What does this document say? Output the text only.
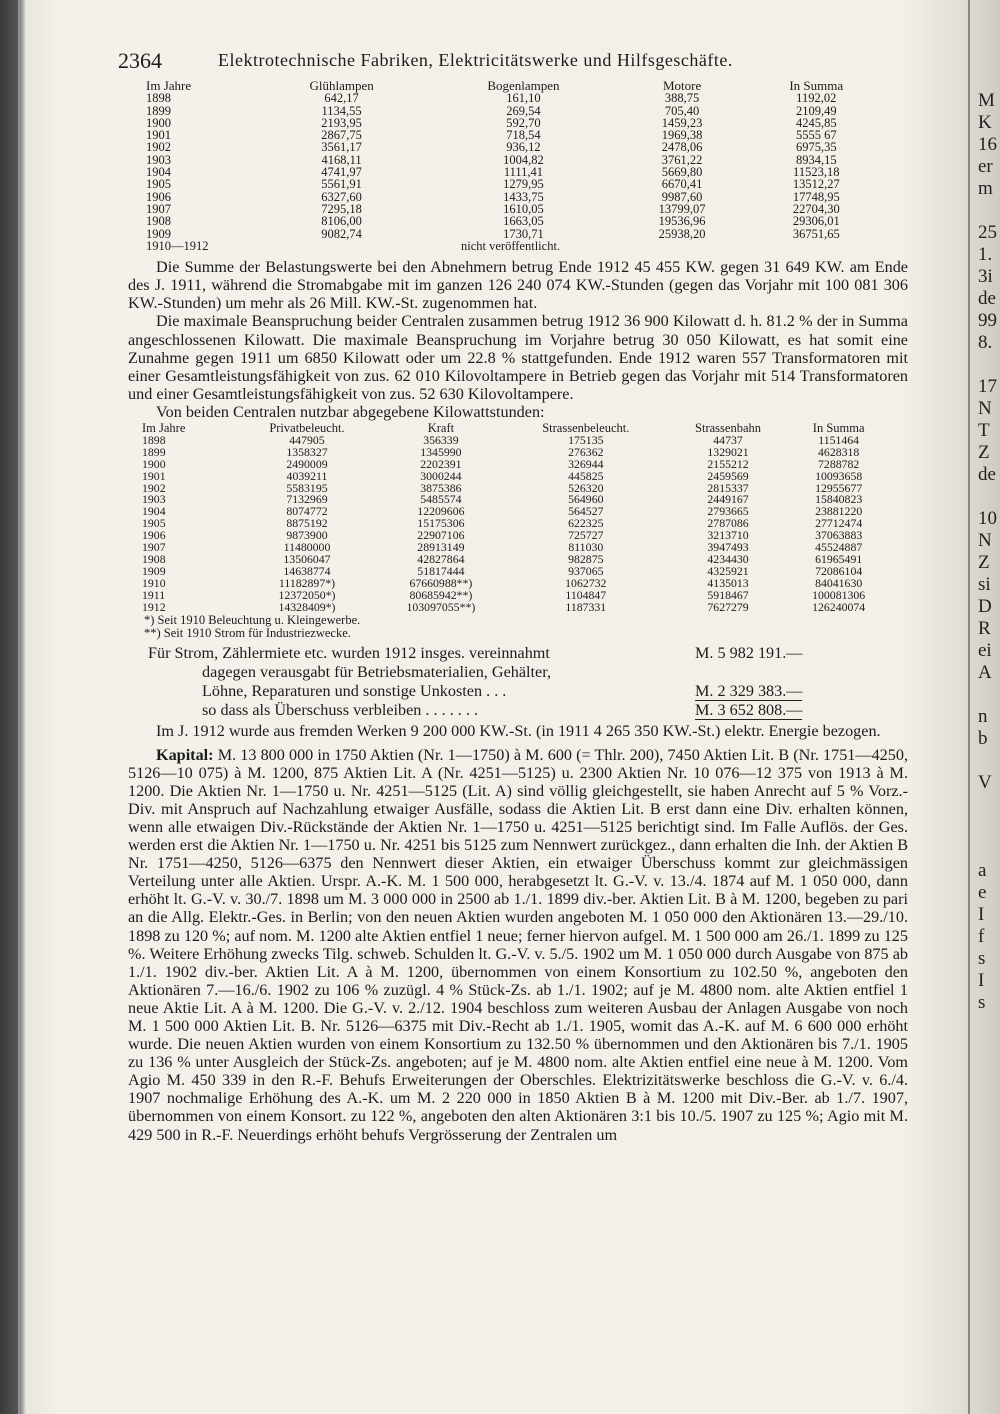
M
K
16
er
m

25
1.
3i
de
99
8.

17
N
T
Z
de

10
N
Z
si
D
R
ei
A

n
b

V

a
e
I
f
s
I
s
2364	Elektrotechnische Fabriken, Elektricitätswerke und Hilfsgeschäfte.
Im Jahre	Glühlampen	Bogenlampen	Motore	In Summa
1898	642,17	161,10	388,75	1192,02
1899	1134,55	269,54	705,40	2109,49
1900	2193,95	592,70	1459,23	4245,85
1901	2867,75	718,54	1969,38	5555 67
1902	3561,17	936,12	2478,06	6975,35
1903	4168,11	1004,82	3761,22	8934,15
1904	4741,97	1111,41	5669,80	11523,18
1905	5561,91	1279,95	6670,41	13512,27
1906	6327,60	1433,75	9987,60	17748,95
1907	7295,18	1610,05	13799,07	22704,30
1908	8106,00	1663,05	19536,96	29306,01
1909	9082,74	1730,71	25938,20	36751,65
1910—1912	nicht veröffentlicht.			

Die Summe der Belastungswerte bei den Abnehmern betrug Ende 1912 45 455 KW. gegen 31 649 KW. am Ende des J. 1911, während die Stromabgabe mit im ganzen 126 240 074 KW.-Stunden (gegen das Vorjahr mit 100 081 306 KW.-Stunden) um mehr als 26 Mill. KW.-St. zugenommen hat.

Die maximale Beanspruchung beider Centralen zusammen betrug 1912 36 900 Kilowatt d. h. 81.2 % der in Summa angeschlossenen Kilowatt. Die maximale Beanspruchung im Vorjahre betrug 30 050 Kilowatt, es hat somit eine Zunahme gegen 1911 um 6850 Kilowatt oder um 22.8 % stattgefunden. Ende 1912 waren 557 Transformatoren mit einer Gesamtleistungsfähigkeit von zus. 62 010 Kilovoltampere in Betrieb gegen das Vorjahr mit 514 Transformatoren und einer Gesamtleistungsfähigkeit von zus. 52 630 Kilovoltampere.

Von beiden Centralen nutzbar abgegebene Kilowattstunden:

Im Jahre	Privatbeleucht.	Kraft	Strassenbeleucht.	Strassenbahn	In Summa
1898	447905	356339	175135	44737	1151464
1899	1358327	1345990	276362	1329021	4628318
1900	2490009	2202391	326944	2155212	7288782
1901	4039211	3000244	445825	2459569	10093658
1902	5583195	3875386	526320	2815337	12955677
1903	7132969	5485574	564960	2449167	15840823
1904	8074772	12209606	564527	2793665	23881220
1905	8875192	15175306	622325	2787086	27712474
1906	9873900	22907106	725727	3213710	37063883
1907	11480000	28913149	811030	3947493	45524887
1908	13506047	42827864	982875	4234430	61965491
1909	14638774	51817444	937065	4325921	72086104
1910	11182897*)	67660988**)	1062732	4135013	84041630
1911	12372050*)	80685942**)	1104847	5918467	100081306
1912	14328409*)	103097055**)	1187331	7627279	126240074
*) Seit 1910 Beleuchtung u. Kleingewerbe.
**) Seit 1910 Strom für Industriezwecke.
Für Strom, Zählermiete etc. wurden 1912 insges. vereinnahmt	M. 5 982 191.—
dagegen verausgabt für Betriebsmaterialien, Gehälter,
Löhne, Reparaturen und sonstige Unkosten . . .	M. 2 329 383.—
so dass als Überschuss verbleiben . . . . . . .	M. 3 652 808.—

Im J. 1912 wurde aus fremden Werken 9 200 000 KW.-St. (in 1911 4 265 350 KW.-St.) elektr. Energie bezogen.

Kapital: M. 13 800 000 in 1750 Aktien (Nr. 1—1750) à M. 600 (= Thlr. 200), 7450 Aktien Lit. B (Nr. 1751—4250, 5126—10 075) à M. 1200, 875 Aktien Lit. A (Nr. 4251—5125) u. 2300 Aktien Nr. 10 076—12 375 von 1913 à M. 1200. Die Aktien Nr. 1—1750 u. Nr. 4251—5125 (Lit. A) sind völlig gleichgestellt, sie haben Anrecht auf 5 % Vorz.-Div. mit Anspruch auf Nachzahlung etwaiger Ausfälle, sodass die Aktien Lit. B erst dann eine Div. erhalten können, wenn alle etwaigen Div.-Rückstände der Aktien Nr. 1—1750 u. 4251—5125 berichtigt sind. Im Falle Auflös. der Ges. werden erst die Aktien Nr. 1—1750 u. Nr. 4251 bis 5125 zum Nennwert zurückgez., dann erhalten die Inh. der Aktien B Nr. 1751—4250, 5126—6375 den Nennwert dieser Aktien, ein etwaiger Überschuss kommt zur gleichmässigen Verteilung unter alle Aktien. Urspr. A.-K. M. 1 500 000, herabgesetzt lt. G.-V. v. 13./4. 1874 auf M. 1 050 000, dann erhöht lt. G.-V. v. 30./7. 1898 um M. 3 000 000 in 2500 ab 1./1. 1899 div.-ber. Aktien Lit. B à M. 1200, begeben zu pari an die Allg. Elektr.-Ges. in Berlin; von den neuen Aktien wurden angeboten M. 1 050 000 den Aktionären 13.—29./10. 1898 zu 120 %; auf nom. M. 1200 alte Aktien entfiel 1 neue; ferner hiervon aufgel. M. 1 500 000 am 26./1. 1899 zu 125 %. Weitere Erhöhung zwecks Tilg. schweb. Schulden lt. G.-V. v. 5./5. 1902 um M. 1 050 000 durch Ausgabe von 875 ab 1./1. 1902 div.-ber. Aktien Lit. A à M. 1200, übernommen von einem Konsortium zu 102.50 %, angeboten den Aktionären 7.—16./6. 1902 zu 106 % zuzügl. 4 % Stück-Zs. ab 1./1. 1902; auf je M. 4800 nom. alte Aktien entfiel 1 neue Aktie Lit. A à M. 1200. Die G.-V. v. 2./12. 1904 beschloss zum weiteren Ausbau der Anlagen Ausgabe von noch M. 1 500 000 Aktien Lit. B. Nr. 5126—6375 mit Div.-Recht ab 1./1. 1905, womit das A.-K. auf M. 6 600 000 erhöht wurde. Die neuen Aktien wurden von einem Konsortium zu 132.50 % übernommen und den Aktionären bis 7./1. 1905 zu 136 % unter Ausgleich der Stück-Zs. angeboten; auf je M. 4800 nom. alte Aktien entfiel eine neue à M. 1200. Vom Agio M. 450 339 in den R.-F. Behufs Erweiterungen der Oberschles. Elektrizitätswerke beschloss die G.-V. v. 6./4. 1907 nochmalige Erhöhung des A.-K. um M. 2 220 000 in 1850 Aktien B à M. 1200 mit Div.-Ber. ab 1./7. 1907, übernommen von einem Konsort. zu 122 %, angeboten den alten Aktionären 3:1 bis 10./5. 1907 zu 125 %; Agio mit M. 429 500 in R.-F. Neuerdings erhöht behufs Vergrösserung der Zentralen um
